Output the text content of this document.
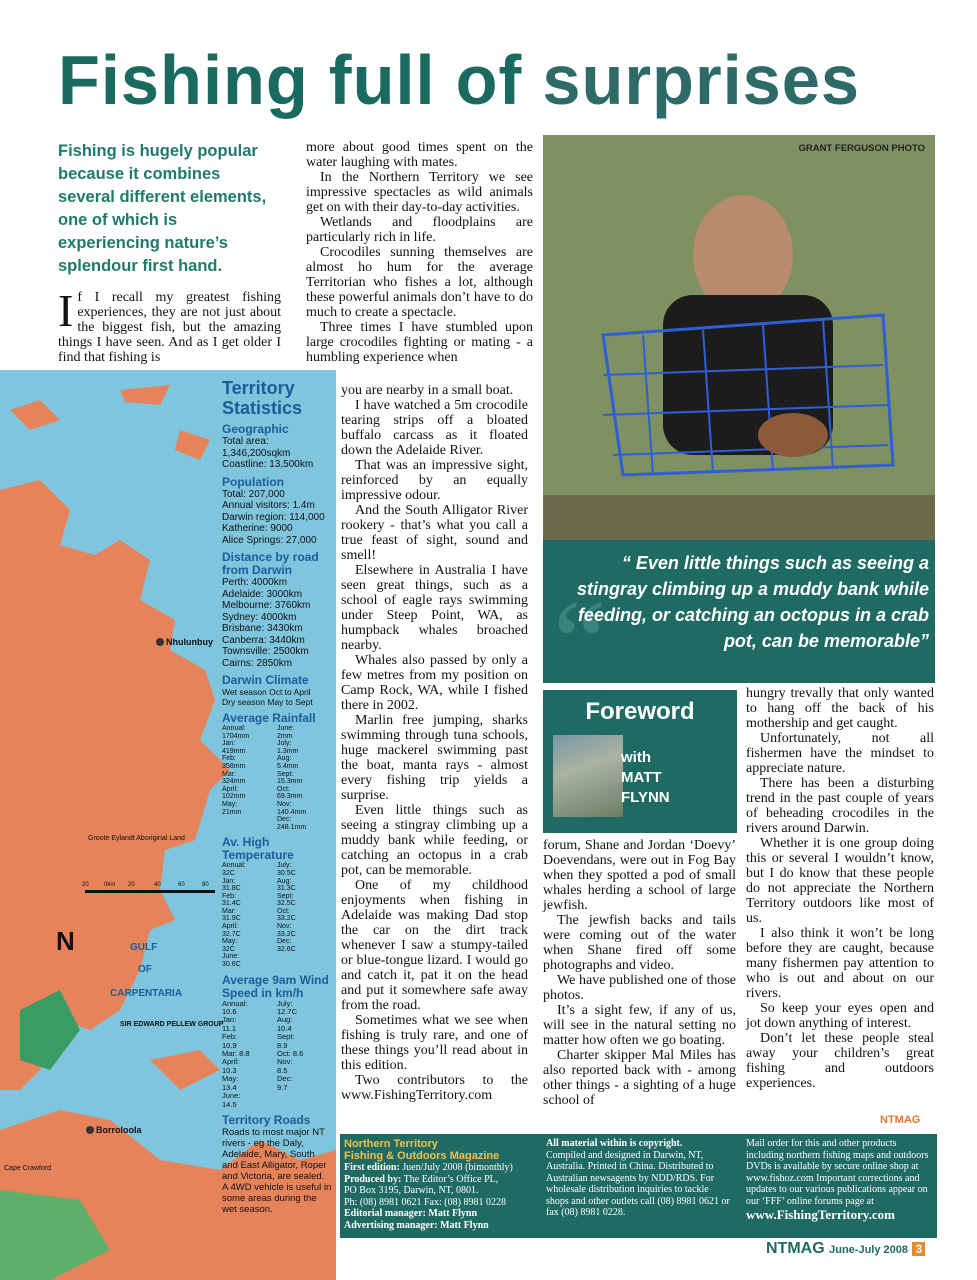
Fishing full of surprises
Fishing is hugely popular because it combines several different elements, one of which is experiencing nature’s splendour first hand.
I f I recall my greatest fishing experiences, they are not just about the biggest fish, but the amazing things I have seen. And as I get older I find that fishing is

more about good times spent on the water laughing with mates.

In the Northern Territory we see impressive spectacles as wild animals get on with their day-to-day activities.

Wetlands and floodplains are particularly rich in life.

Crocodiles sunning themselves are almost ho hum for the average Territorian who fishes a lot, although these powerful animals don’t have to do much to create a spectacle.

Three times I have stumbled upon large crocodiles fighting or mating - a humbling experience when

Nhulunbuy
Borroloola
Groote Eylandt Aboriginal Land
Cape Crawford
GULF
OF
CARPENTARIA
SIR EDWARD PELLEW GROUP
N
20	0km 20	40	60	80
Territory
Statistics
Geographic
Total area:
1,346,200sqkm
Coastline: 13,500km
Population
Total: 207,000
Annual visitors: 1.4m
Darwin region: 114,000
Katherine: 9000
Alice Springs: 27,000
Distance by road from Darwin
Perth: 4000km
Adelaide: 3000km
Melbourne: 3760km
Sydney: 4000km
Brisbane: 3430km
Canberra: 3440km
Townsville: 2500km
Cairns: 2850km
Darwin Climate
Wet season Oct to April
Dry season May to Sept
Average Rainfall
Annual:
1704mm
Jan: 419mm
Feb: 358mm
Mar: 324mm
April: 102mm
May: 21mm
June: 2mm
July: 1.3mm
Aug: 5.4mm
Sept: 15.3mm
Oct: 69.3mm
Nov: 140.4mm
Dec: 248.1mm
Av. High Temperature
Annual: 32C
Jan: 31.8C
Feb: 31.4C
Mar: 31.9C
April: 32.7C
May: 32C
June: 30.6C
July: 30.5C
Aug: 31.3C
Sept: 32.5C
Oct: 33.2C
Nov: 33.2C
Dec: 32.6C
Average 9am Wind Speed in km/h
Annual: 10.6
Jan: 11.1
Feb: 10.9
Mar: 8.8
April: 10.3
May: 13.4
June: 14.5
July: 12.7C
Aug: 10.4
Sept: 8.9
Oct: 8.6
Nov: 8.5
Dec: 9.7
Territory Roads
Roads to most major NT rivers - eg the Daly, Adelaide, Mary, South and East Alligator, Roper and Victoria, are sealed. A 4WD vehicle is useful in some areas during the wet season.

you are nearby in a small boat.

I have watched a 5m crocodile tearing strips off a bloated buffalo carcass as it floated down the Adelaide River.

That was an impressive sight, reinforced by an equally impressive odour.

And the South Alligator River rookery - that’s what you call a true feast of sight, sound and smell!

Elsewhere in Australia I have seen great things, such as a school of eagle rays swimming under Steep Point, WA, as humpback whales broached nearby.

Whales also passed by only a few metres from my position on Camp Rock, WA, while I fished there in 2002.

Marlin free jumping, sharks swimming through tuna schools, huge mackerel swimming past the boat, manta rays - almost every fishing trip yields a surprise.

Even little things such as seeing a stingray climbing up a muddy bank while feeding, or catching an octopus in a crab pot, can be memorable.

One of my childhood enjoyments when fishing in Adelaide was making Dad stop the car on the dirt track whenever I saw a stumpy-tailed or blue-tongue lizard. I would go and catch it, pat it on the head and put it somewhere safe away from the road.

Sometimes what we see when fishing is truly rare, and one of these things you’ll read about in this edition.

Two contributors to the www.FishingTerritory.com

GRANT FERGUSON PHOTO
“
“ Even little things such as seeing a stingray climbing up a muddy bank while feeding, or catching an octopus in a crab pot, can be memorable”
Foreword
with
MATT
FLYNN

forum, Shane and Jordan ‘Doevy’ Doevendans, were out in Fog Bay when they spotted a pod of small whales herding a school of large jewfish.

The jewfish backs and tails were coming out of the water when Shane fired off some photographs and video.

We have published one of those photos.

It’s a sight few, if any of us, will see in the natural setting no matter how often we go boating.

Charter skipper Mal Miles has also reported back with - among other things - a sighting of a huge school of

hungry trevally that only wanted to hang off the back of his mothership and get caught.

Unfortunately, not all fishermen have the mindset to appreciate nature.

There has been a disturbing trend in the past couple of years of beheading crocodiles in the rivers around Darwin.

Whether it is one group doing this or several I wouldn’t know, but I do know that these people do not appreciate the Northern Territory outdoors like most of us.

I also think it won’t be long before they are caught, because many fishermen pay attention to who is out and about on our rivers.

So keep your eyes open and jot down anything of interest.

Don’t let these people steal away your children’s great fishing and outdoors experiences.

NTMAG
Northern Territory
Fishing & Outdoors Magazine
First edition: Juen/July 2008 (bimonthly)
Produced by: The Editor’s Office PL,
PO Box 3195, Darwin, NT, 0801.
Ph: (08) 8981 0621 Fax: (08) 8981 0228
Editorial manager: Matt Flynn
Advertising manager: Matt Flynn
All material within is copyright.
Compiled and designed in Darwin, NT, Australia. Printed in China. Distributed to Australian newsagents by NDD/RDS. For wholesale distribution inquiries to tackle shops and other outlets call (08) 8981 0621 or fax (08) 8981 0228.
Mail order for this and other products including northern fishing maps and outdoors DVDs is available by secure online shop at www.fishoz.com Important corrections and updates to our various publications appear on our ‘FFF’ online forums page at
www.FishingTerritory.com
NTMAG June-July 2008 3
